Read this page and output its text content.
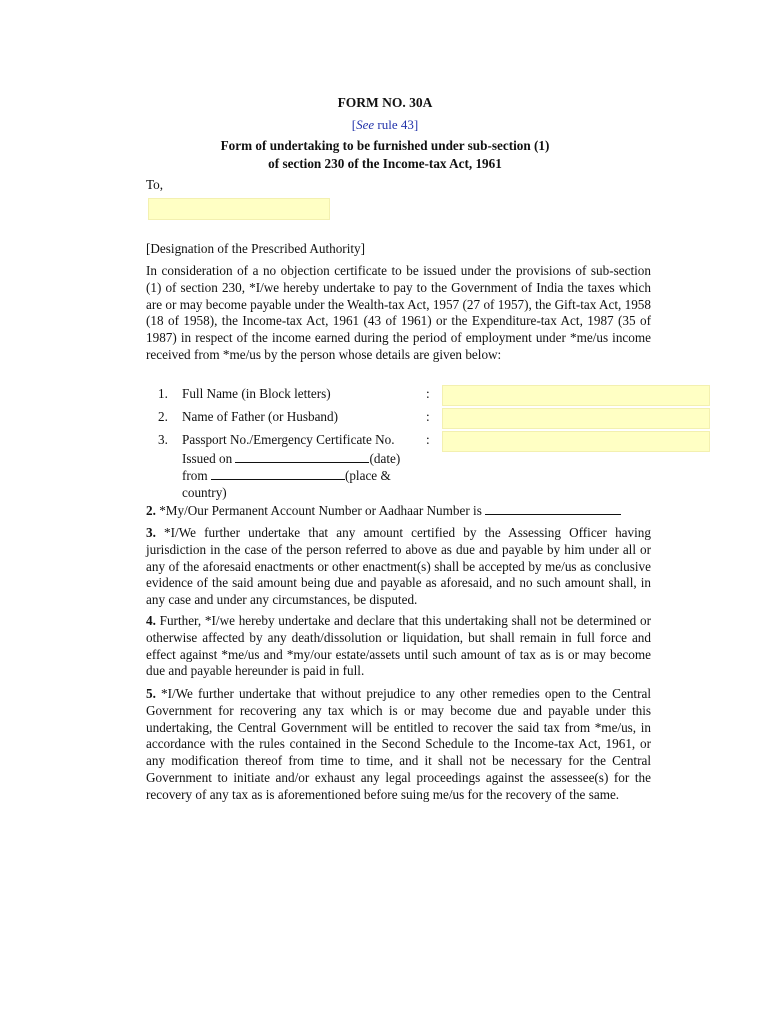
FORM NO. 30A
[See rule 43]
Form of undertaking to be furnished under sub-section (1)
of section 230 of the Income-tax Act, 1961
To,
[Designation of the Prescribed Authority]
In consideration of a no objection certificate to be issued under the provisions of sub-section (1) of section 230, *I/we hereby undertake to pay to the Government of India the taxes which are or may become payable under the Wealth-tax Act, 1957 (27 of 1957), the Gift-tax Act, 1958 (18 of 1958), the Income-tax Act, 1961 (43 of 1961) or the Expenditure-tax Act, 1987 (35 of 1987) in respect of the income earned during the period of employment under *me/us income received from *me/us by the person whose details are given below:
1. Full Name (in Block letters)	:
2. Name of Father (or Husband)	:
3. Passport No./Emergency Certificate No. :
Issued on	(date)
from	(place &
country)
2. *My/Our Permanent Account Number or Aadhaar Number is
3. *I/We further undertake that any amount certified by the Assessing Officer having jurisdiction in the case of the person referred to above as due and payable by him under all or any of the aforesaid enactments or other enactment(s) shall be accepted by me/us as conclusive evidence of the said amount being due and payable as aforesaid, and no such amount shall, in any case and under any circumstances, be disputed.
4. Further, *I/we hereby undertake and declare that this undertaking shall not be determined or otherwise affected by any death/dissolution or liquidation, but shall remain in full force and effect against *me/us and *my/our estate/assets until such amount of tax as is or may become due and payable hereunder is paid in full.
5. *I/We further undertake that without prejudice to any other remedies open to the Central Government for recovering any tax which is or may become due and payable under this undertaking, the Central Government will be entitled to recover the said tax from *me/us, in accordance with the rules contained in the Second Schedule to the Income-tax Act, 1961, or any modification thereof from time to time, and it shall not be necessary for the Central Government to initiate and/or exhaust any legal proceedings against the assessee(s) for the recovery of any tax as is aforementioned before suing me/us for the recovery of the same.
